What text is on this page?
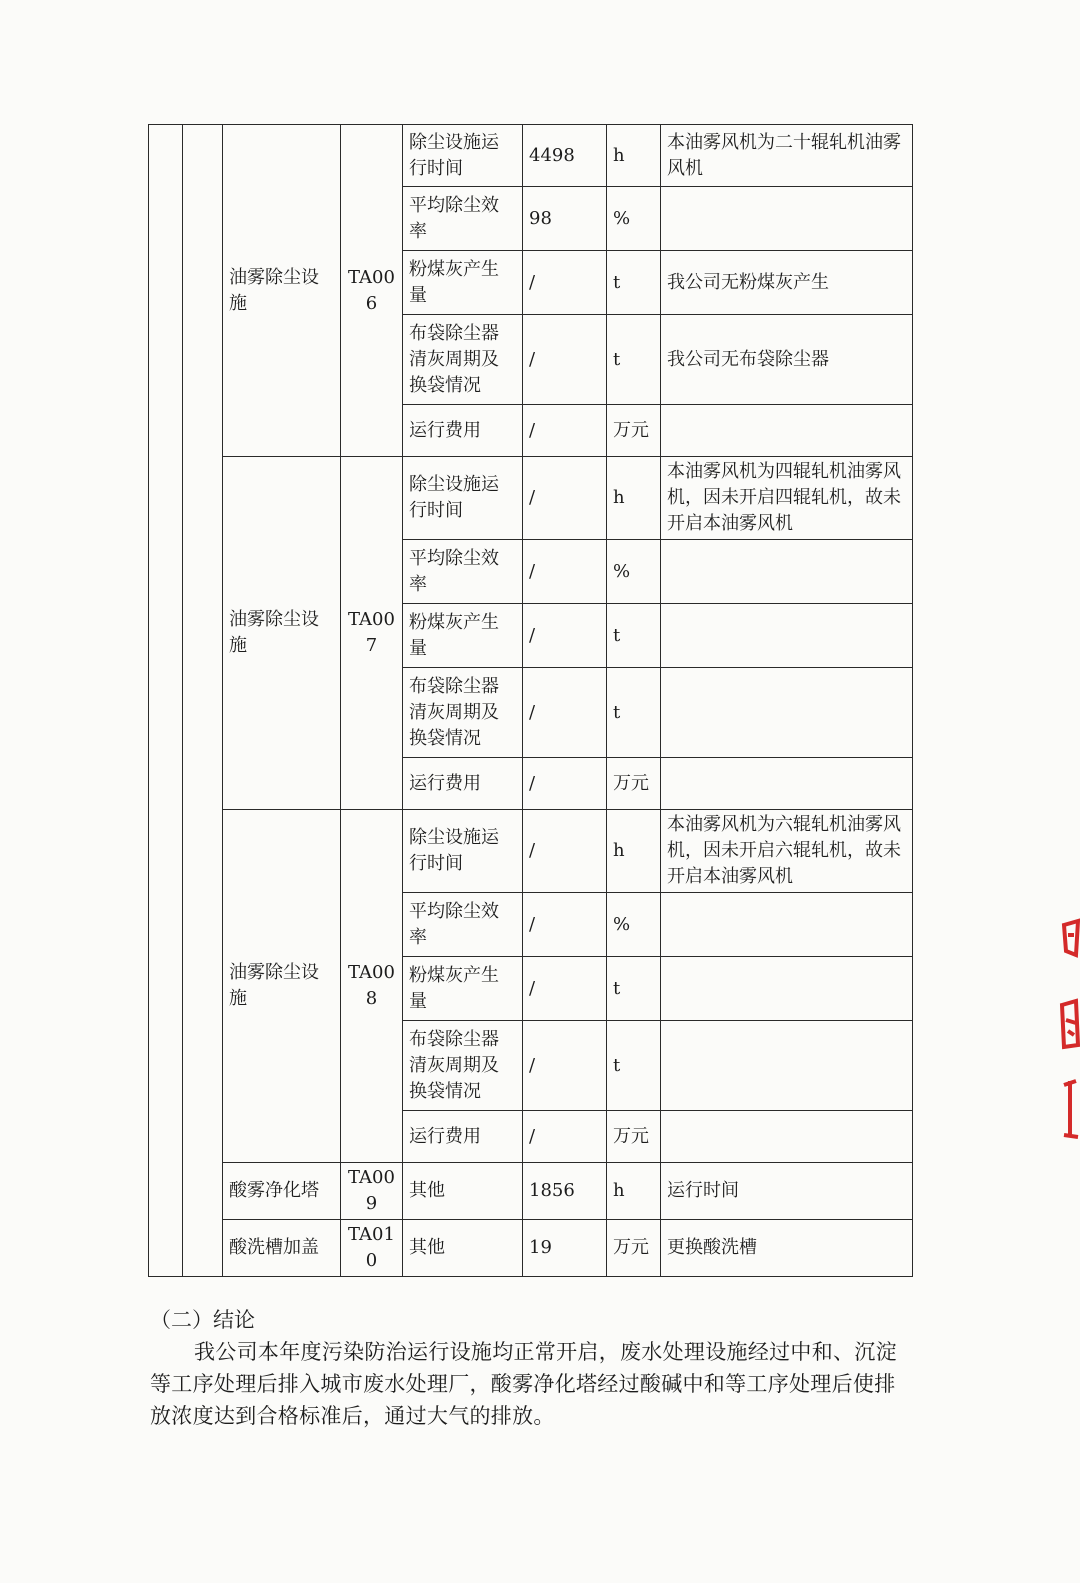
		油雾除尘设施	TA006	除尘设施运行时间	4498	h	本油雾风机为二十辊轧机油雾风机
				平均除尘效率	98	%	
				粉煤灰产生量	/	t	我公司无粉煤灰产生
				布袋除尘器清灰周期及换袋情况	/	t	我公司无布袋除尘器
				运行费用	/	万元	
		油雾除尘设施	TA007	除尘设施运行时间	/	h	本油雾风机为四辊轧机油雾风机，因未开启四辊轧机，故未开启本油雾风机
				平均除尘效率	/	%	
				粉煤灰产生量	/	t	
				布袋除尘器清灰周期及换袋情况	/	t	
				运行费用	/	万元	
		油雾除尘设施	TA008	除尘设施运行时间	/	h	本油雾风机为六辊轧机油雾风机，因未开启六辊轧机，故未开启本油雾风机
				平均除尘效率	/	%	
				粉煤灰产生量	/	t	
				布袋除尘器清灰周期及换袋情况	/	t	
				运行费用	/	万元	
		酸雾净化塔	TA009	其他	1856	h	运行时间
		酸洗槽加盖	TA010	其他	19	万元	更换酸洗槽

（二）结论

我公司本年度污染防治运行设施均正常开启，废水处理设施经过中和、沉淀等工序处理后排入城市废水处理厂，酸雾净化塔经过酸碱中和等工序处理后使排放浓度达到合格标准后，通过大气的排放。
